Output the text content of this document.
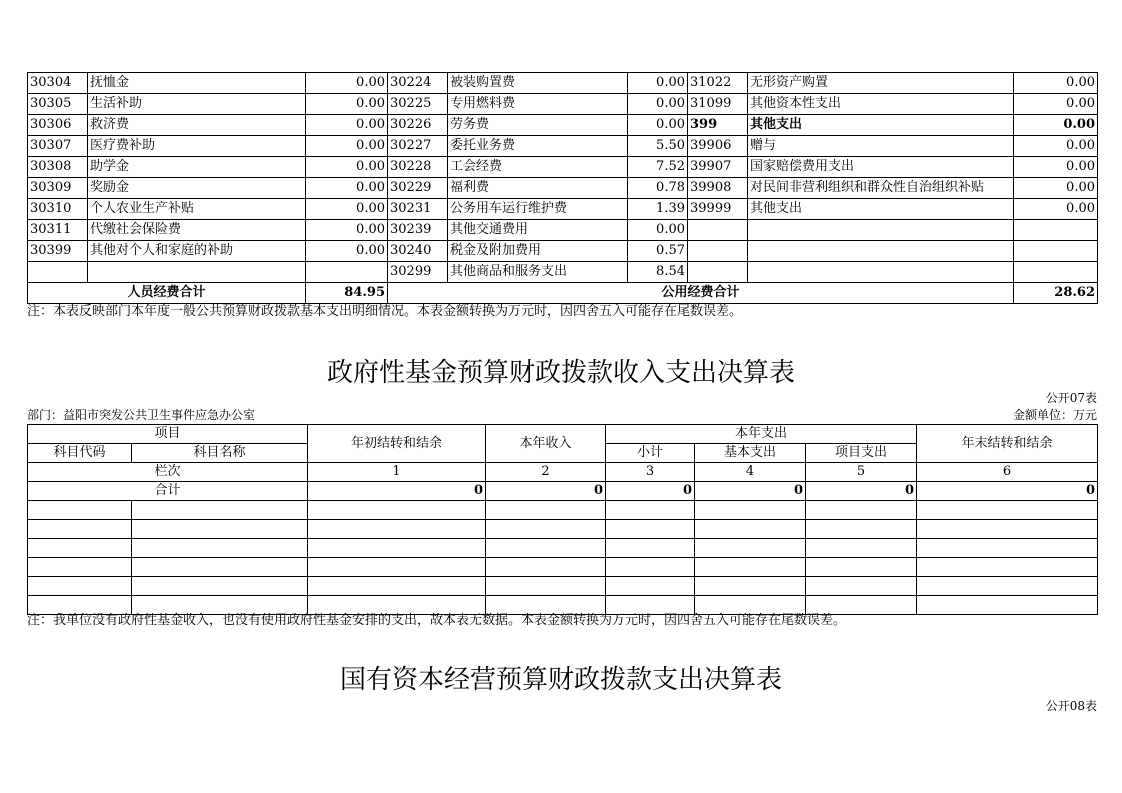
30304	抚恤金	0.00	30224	被装购置费	0.00	31022	无形资产购置	0.00
30305	生活补助	0.00	30225	专用燃料费	0.00	31099	其他资本性支出	0.00
30306	救济费	0.00	30226	劳务费	0.00	399	其他支出	0.00
30307	医疗费补助	0.00	30227	委托业务费	5.50	39906	赠与	0.00
30308	助学金	0.00	30228	工会经费	7.52	39907	国家赔偿费用支出	0.00
30309	奖励金	0.00	30229	福利费	0.78	39908	对民间非营利组织和群众性自治组织补贴	0.00
30310	个人农业生产补贴	0.00	30231	公务用车运行维护费	1.39	39999	其他支出	0.00
30311	代缴社会保险费	0.00	30239	其他交通费用	0.00			
30399	其他对个人和家庭的补助	0.00	30240	税金及附加费用	0.57			
			30299	其他商品和服务支出	8.54			
人员经费合计		84.95	公用经费合计					28.62
注：本表反映部门本年度一般公共预算财政拨款基本支出明细情况。本表金额转换为万元时，因四舍五入可能存在尾数误差。
政府性基金预算财政拨款收入支出决算表
公开07表
部门：益阳市突发公共卫生事件应急办公室	金额单位：万元
项目		年初结转和结余	本年收入	本年支出			年末结转和结余
科目代码	科目名称			小计	基本支出	项目支出	
栏次		1	2	3	4	5	6
合计		0	0	0	0	0	0

注：我单位没有政府性基金收入，也没有使用政府性基金安排的支出，故本表无数据。本表金额转换为万元时，因四舍五入可能存在尾数误差。
国有资本经营预算财政拨款支出决算表
公开08表
